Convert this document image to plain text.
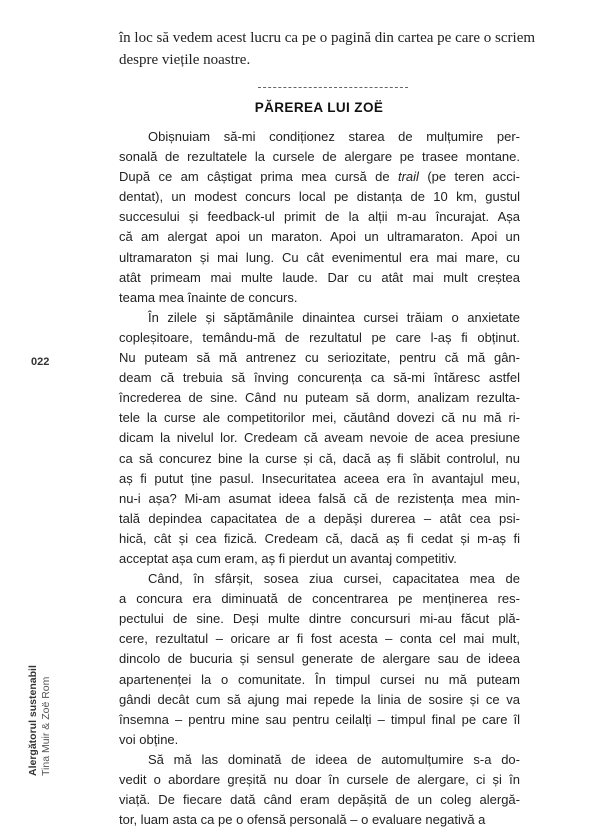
în loc să vedem acest lucru ca pe o pagină din cartea pe care o scriem
despre viețile noastre.
PĂREREA LUI ZOË
Obișnuiam să-mi condiționez starea de mulțumire per-
sonală de rezultatele la cursele de alergare pe trasee montane.
După ce am câștigat prima mea cursă de trail (pe teren acci-
dentat), un modest concurs local pe distanța de 10 km, gustul
succesului și feedback-ul primit de la alții m-au încurajat. Așa
că am alergat apoi un maraton. Apoi un ultramaraton. Apoi un
ultramaraton și mai lung. Cu cât evenimentul era mai mare, cu
atât primeam mai multe laude. Dar cu atât mai mult creștea
teama mea înainte de concurs.
În zilele și săptămânile dinaintea cursei trăiam o anxietate
copleșitoare, temându-mă de rezultatul pe care l-aș fi obținut.
Nu puteam să mă antrenez cu seriozitate, pentru că mă gân-
deam că trebuia să înving concurența ca să-mi întăresc astfel
încrederea de sine. Când nu puteam să dorm, analizam rezulta-
tele la curse ale competitorilor mei, căutând dovezi că nu mă ri-
dicam la nivelul lor. Credeam că aveam nevoie de acea presiune
ca să concurez bine la curse și că, dacă aș fi slăbit controlul, nu
aș fi putut ține pasul. Insecuritatea aceea era în avantajul meu,
nu-i așa? Mi-am asumat ideea falsă că de rezistența mea min-
tală depindea capacitatea de a depăși durerea – atât cea psi-
hică, cât și cea fizică. Credeam că, dacă aș fi cedat și m-aș fi
acceptat așa cum eram, aș fi pierdut un avantaj competitiv.
Când, în sfârșit, sosea ziua cursei, capacitatea mea de
a concura era diminuată de concentrarea pe menținerea res-
pectului de sine. Deși multe dintre concursuri mi-au făcut plă-
cere, rezultatul – oricare ar fi fost acesta – conta cel mai mult,
dincolo de bucuria și sensul generate de alergare sau de ideea
apartenenței la o comunitate. În timpul cursei nu mă puteam
gândi decât cum să ajung mai repede la linia de sosire și ce va
însemna – pentru mine sau pentru ceilalți – timpul final pe care îl
voi obține.
Să mă las dominată de ideea de automulțumire s-a do-
vedit o abordare greșită nu doar în cursele de alergare, ci și în
viață. De fiecare dată când eram depășită de un coleg alergă-
tor, luam asta ca pe o ofensă personală – o evaluare negativă a
022
Alergătorul sustenabil Tina Muir & Zoë Rom
